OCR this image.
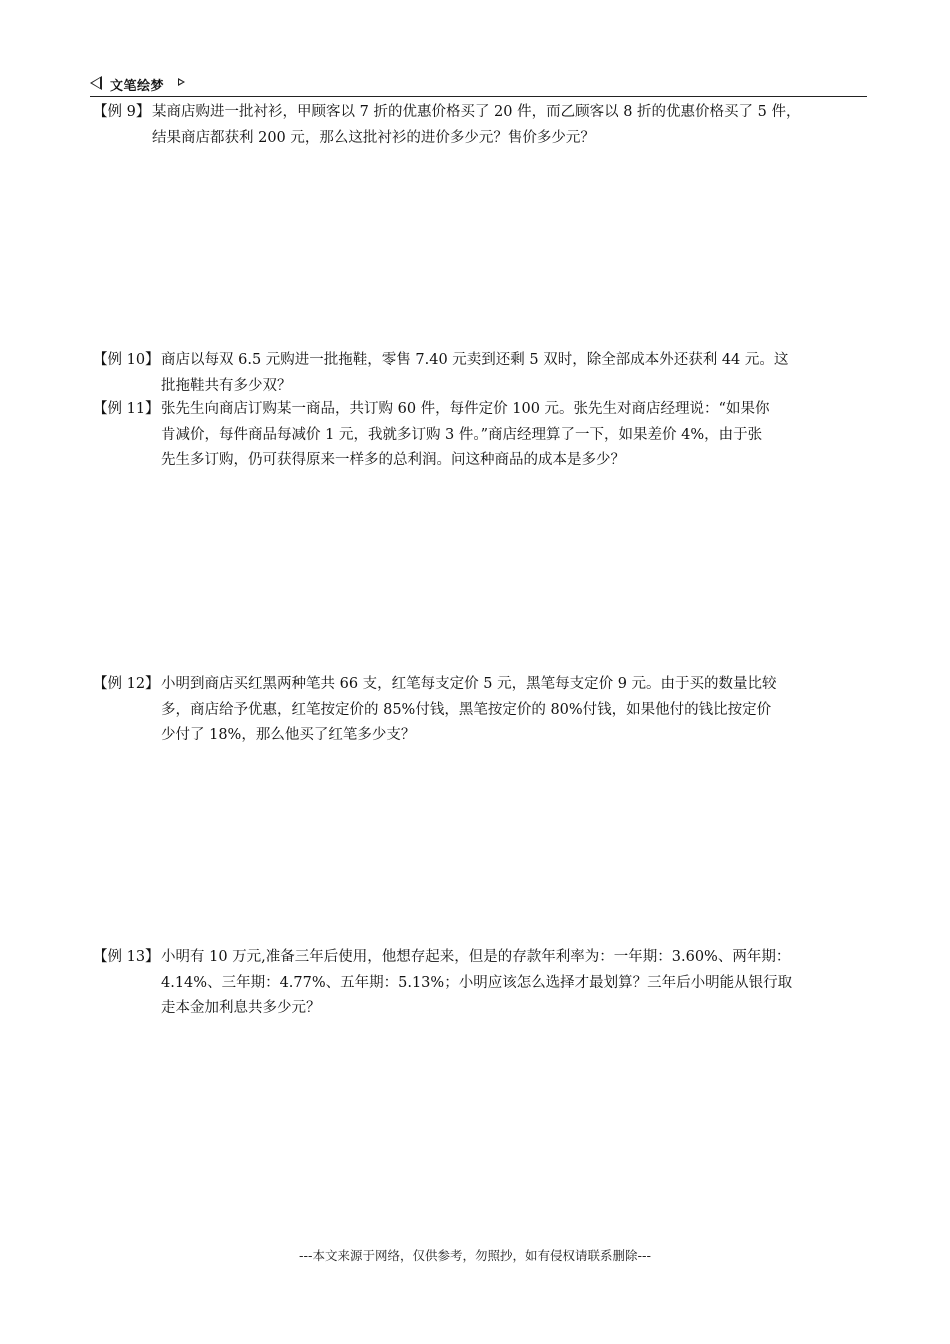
文笔绘梦
【例 9】 某商店购进一批衬衫，甲顾客以 7 折的优惠价格买了 20 件，而乙顾客以 8 折的优惠价格买了 5 件，
结果商店都获利 200 元，那么这批衬衫的进价多少元？售价多少元？
【例 10】 商店以每双 6.5 元购进一批拖鞋，零售 7.40 元卖到还剩 5 双时，除全部成本外还获利 44 元。这
批拖鞋共有多少双？
【例 11】 张先生向商店订购某一商品，共订购 60 件，每件定价 100 元。张先生对商店经理说：“如果你
肯减价，每件商品每减价 1 元，我就多订购 3 件。”商店经理算了一下，如果差价 4%，由于张
先生多订购，仍可获得原来一样多的总利润。问这种商品的成本是多少？
【例 12】 小明到商店买红黑两种笔共 66 支，红笔每支定价 5 元，黑笔每支定价 9 元。由于买的数量比较
多，商店给予优惠，红笔按定价的 85%付钱，黑笔按定价的 80%付钱，如果他付的钱比按定价
少付了 18%，那么他买了红笔多少支？
【例 13】 小明有 10 万元,准备三年后使用，他想存起来，但是的存款年利率为：一年期：3.60%、两年期：
4.14%、三年期：4.77%、五年期：5.13%；小明应该怎么选择才最划算？三年后小明能从银行取
走本金加利息共多少元？
---本文来源于网络，仅供参考，勿照抄，如有侵权请联系删除---
